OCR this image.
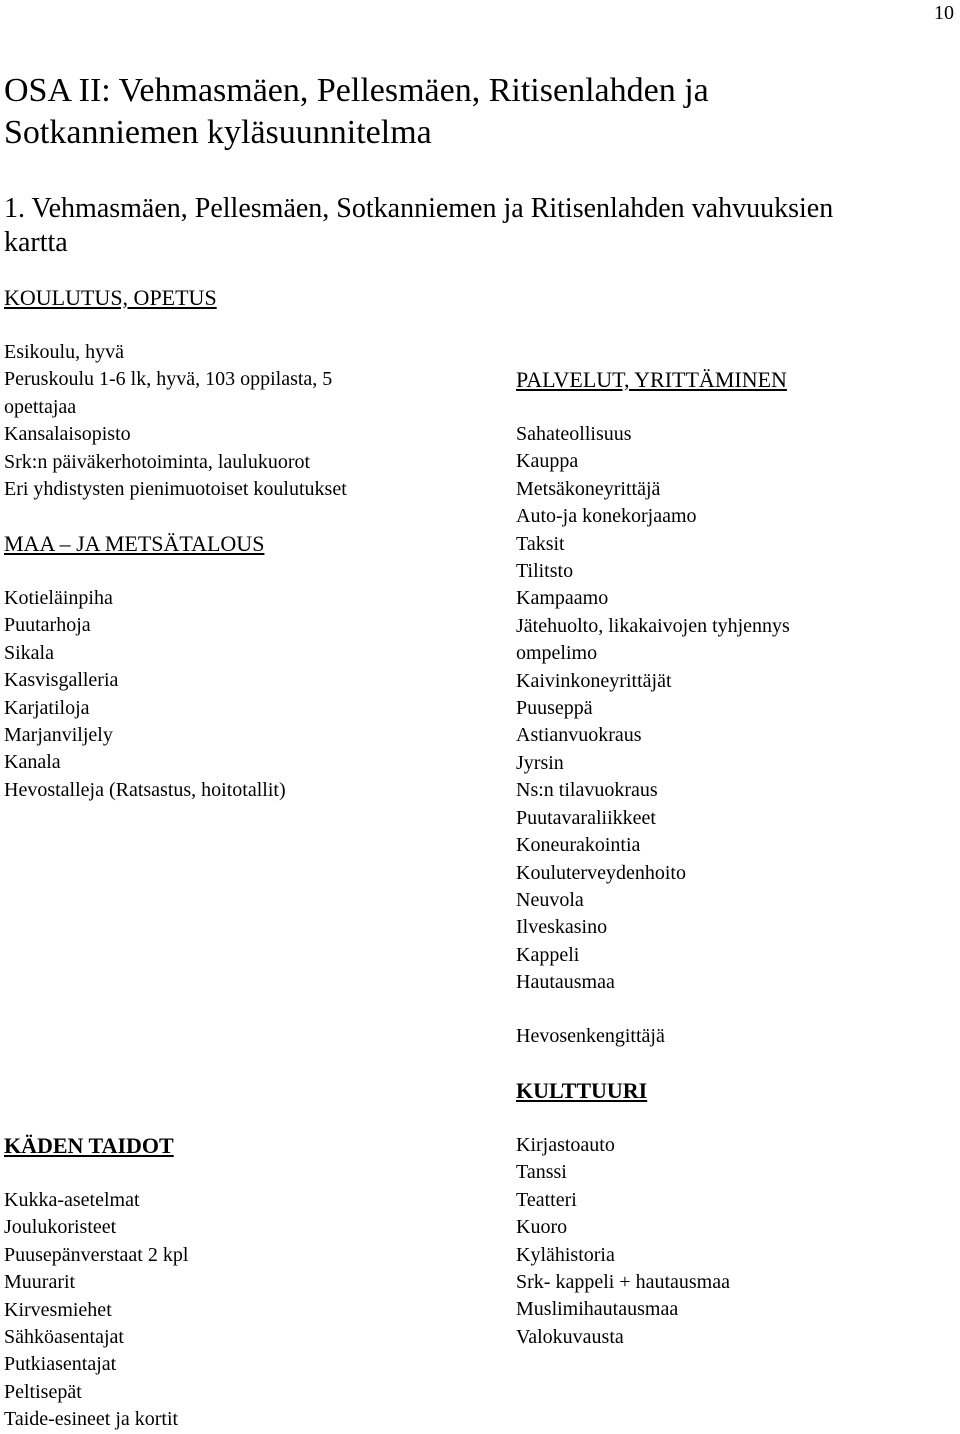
10
OSA II: Vehmasmäen, Pellesmäen, Ritisenlahden ja
Sotkanniemen kyläsuunnitelma
1. Vehmasmäen, Pellesmäen, Sotkanniemen ja Ritisenlahden vahvuuksien
kartta
KOULUTUS, OPETUS
Esikoulu, hyvä
Peruskoulu 1-6 lk, hyvä, 103 oppilasta, 5
opettajaa
Kansalaisopisto
Srk:n päiväkerhotoiminta, laulukuorot
Eri yhdistysten pienimuotoiset koulutukset
MAA – JA METSÄTALOUS
Kotieläinpiha
Puutarhoja
Sikala
Kasvisgalleria
Karjatiloja
Marjanviljely
Kanala
Hevostalleja (Ratsastus, hoitotallit)
PALVELUT, YRITTÄMINEN
Sahateollisuus
Kauppa
Metsäkoneyrittäjä
Auto-ja konekorjaamo
Taksit
Tilitsto
Kampaamo
Jätehuolto, likakaivojen tyhjennys
ompelimo
Kaivinkoneyrittäjät
Puuseppä
Astianvuokraus
Jyrsin
Ns:n tilavuokraus
Puutavaraliikkeet
Koneurakointia
Kouluterveydenhoito
Neuvola
Ilveskasino
Kappeli
Hautausmaa
Hevosenkengittäjä
KULTTUURI
Kirjastoauto
Tanssi
Teatteri
Kuoro
Kylähistoria
Srk- kappeli + hautausmaa
Muslimihautausmaa
Valokuvausta
KÄDEN TAIDOT
Kukka-asetelmat
Joulukoristeet
Puusepänverstaat 2 kpl
Muurarit
Kirvesmiehet
Sähköasentajat
Putkiasentajat
Peltisepät
Taide-esineet ja kortit
